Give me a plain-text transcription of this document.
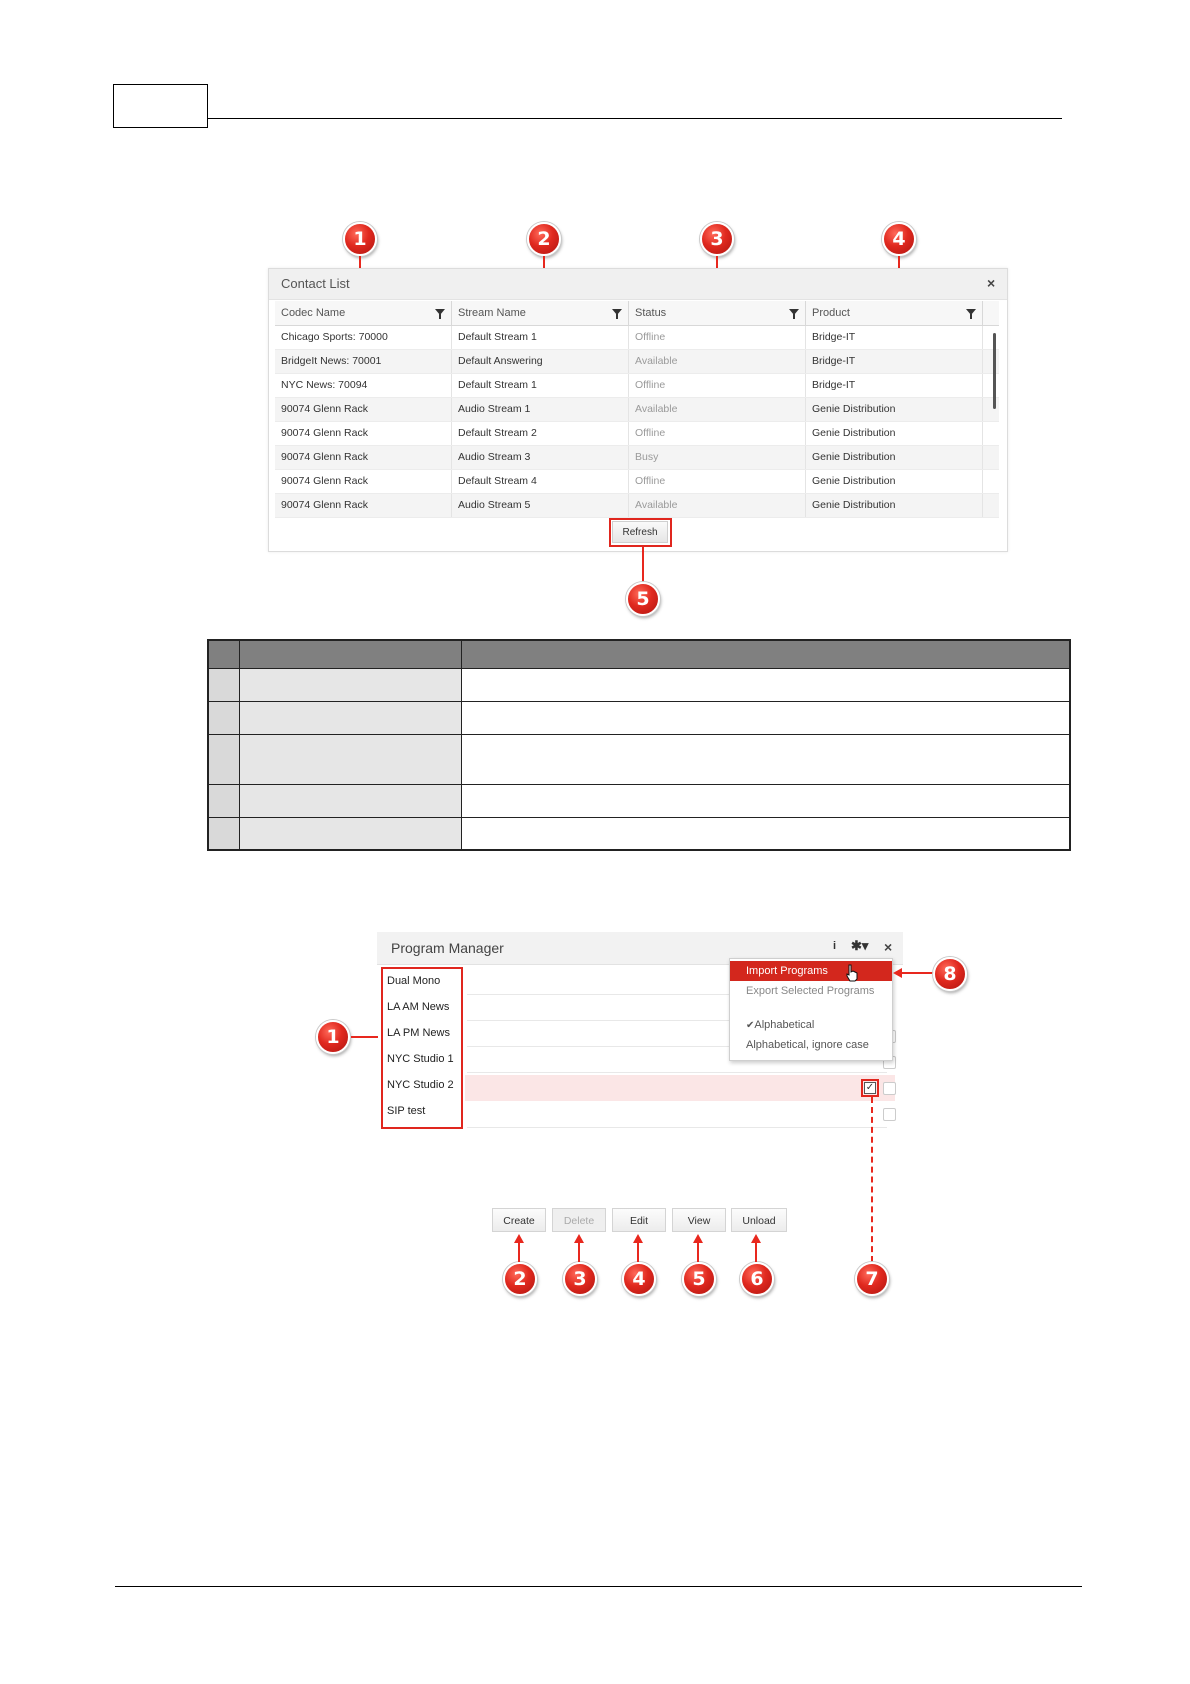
1	2	3	4
Contact List	×
Codec Name	Stream Name	Status	Product
Chicago Sports: 70000	Default Stream 1	Offline	Bridge-IT
BridgeIt News: 70001	Default Answering	Available	Bridge-IT
NYC News: 70094	Default Stream 1	Offline	Bridge-IT
90074 Glenn Rack	Audio Stream 1	Available	Genie Distribution
90074 Glenn Rack	Default Stream 2	Offline	Genie Distribution
90074 Glenn Rack	Audio Stream 3	Busy	Genie Distribution
90074 Glenn Rack	Default Stream 4	Offline	Genie Distribution
90074 Glenn Rack	Audio Stream 5	Available	Genie Distribution
Refresh
5
Program Manager	i ✱▾ ×
Dual Mono
LA AM News
LA PM News
NYC Studio 1
NYC Studio 2
SIP test
✓
Import Programs
Export Selected Programs
✔Alphabetical
Alphabetical, ignore case
Create	Delete	Edit	View	Unload
1
2	3	4	5	6	7
8
